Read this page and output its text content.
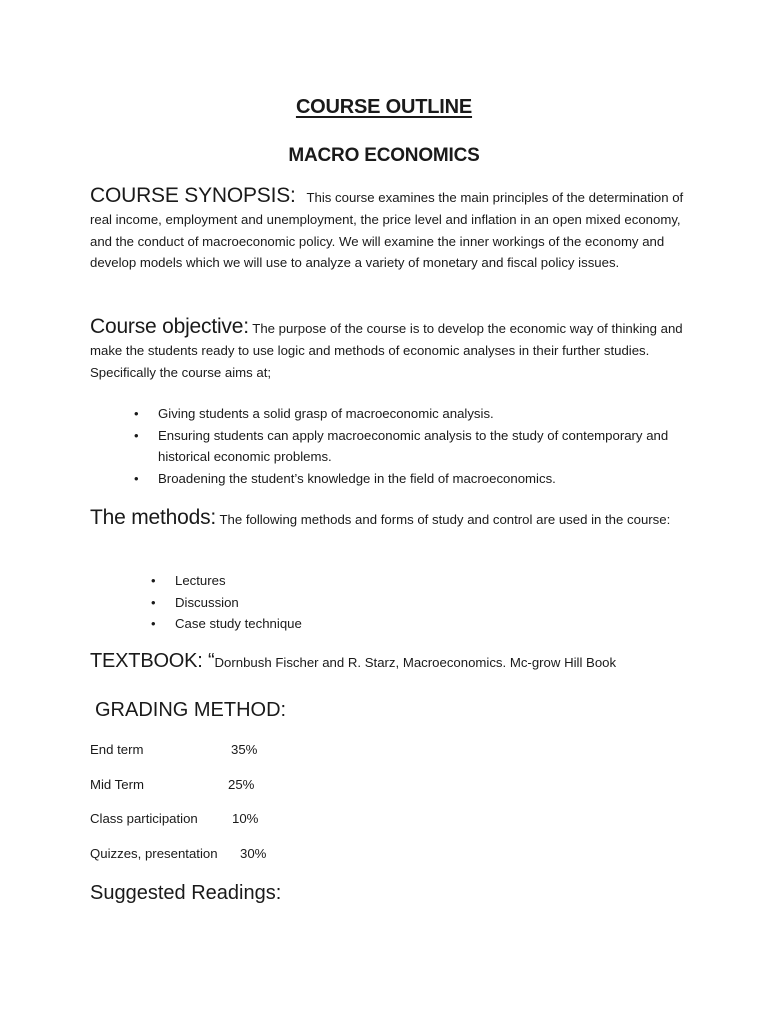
COURSE OUTLINE
MACRO ECONOMICS

COURSE SYNOPSIS: This course examines the main principles of the determination of real income, employment and unemployment, the price level and inflation in an open mixed economy, and the conduct of macroeconomic policy. We will examine the inner workings of the economy and develop models which we will use to analyze a variety of monetary and fiscal policy issues.

Course objective: The purpose of the course is to develop the economic way of thinking and make the students ready to use logic and methods of economic analyses in their further studies. Specifically the course aims at;

• Giving students a solid grasp of macroeconomic analysis.
• Ensuring students can apply macroeconomic analysis to the study of contemporary and historical economic problems.
• Broadening the student’s knowledge in the field of macroeconomics.

The methods: The following methods and forms of study and control are used in the course:

• Lectures
• Discussion
• Case study technique

TEXTBOOK: “Dornbush Fischer and R. Starz, Macroeconomics. Mc-grow Hill Book

GRADING METHOD:
End term	35%
Mid Term	25%
Class participation	10%
Quizzes, presentation 30%
Suggested Readings:
